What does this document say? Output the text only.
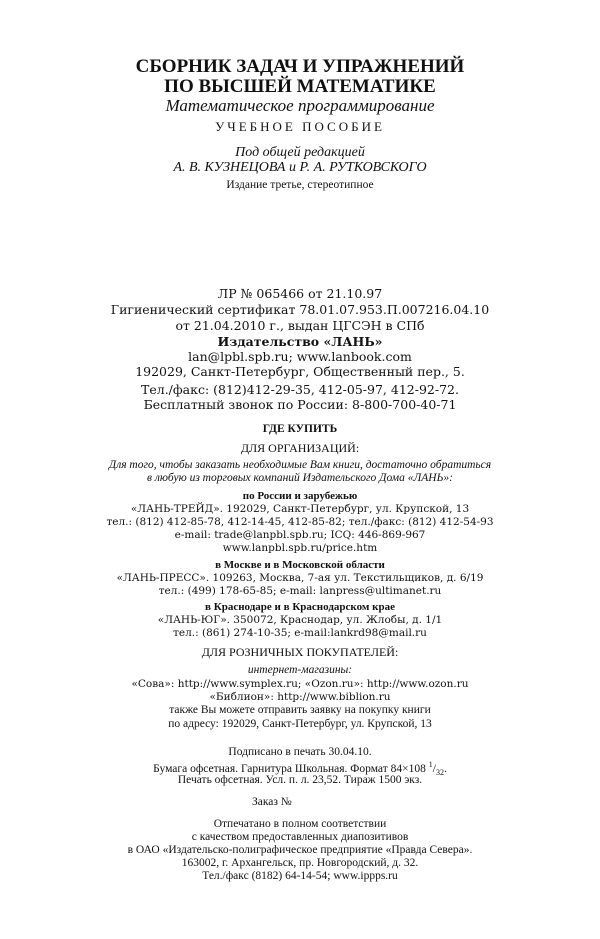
СБОРНИК ЗАДАЧ И УПРАЖНЕНИЙ
ПО ВЫСШЕЙ МАТЕМАТИКЕ
Математическое программирование
УЧЕБНОЕ ПОСОБИЕ
Под общей редакцией
А. В. КУЗНЕЦОВА и Р. А. РУТКОВСКОГО
Издание третье, стереотипное
ЛР № 065466 от 21.10.97
Гигиенический сертификат 78.01.07.953.П.007216.04.10
от 21.04.2010 г., выдан ЦГСЭН в СПб
Издательство «ЛАНЬ»
lan@lpbl.spb.ru; www.lanbook.com
192029, Санкт-Петербург, Общественный пер., 5.
Тел./факс: (812)412-29-35, 412-05-97, 412-92-72.
Бесплатный звонок по России: 8-800-700-40-71
ГДЕ КУПИТЬ
ДЛЯ ОРГАНИЗАЦИЙ:
Для того, чтобы заказать необходимые Вам книги, достаточно обратиться
в любую из торговых компаний Издательского Дома «ЛАНЬ»:
по России и зарубежью
«ЛАНЬ-ТРЕЙД». 192029, Санкт-Петербург, ул. Крупской, 13
тел.: (812) 412-85-78, 412-14-45, 412-85-82; тел./факс: (812) 412-54-93
e-mail: trade@lanpbl.spb.ru; ICQ: 446-869-967
www.lanpbl.spb.ru/price.htm
в Москве и в Московской области
«ЛАНЬ-ПРЕСС». 109263, Москва, 7-ая ул. Текстильщиков, д. 6/19
тел.: (499) 178-65-85; e-mail: lanpress@ultimanet.ru
в Краснодаре и в Краснодарском крае
«ЛАНЬ-ЮГ». 350072, Краснодар, ул. Жлобы, д. 1/1
тел.: (861) 274-10-35; e-mail:lankrd98@mail.ru
ДЛЯ РОЗНИЧНЫХ ПОКУПАТЕЛЕЙ:
интернет-магазины:
«Сова»: http://www.symplex.ru; «Ozon.ru»: http://www.ozon.ru
«Библион»: http://www.biblion.ru
также Вы можете отправить заявку на покупку книги
по адресу: 192029, Санкт-Петербург, ул. Крупской, 13
Подписано в печать 30.04.10.
Бумага офсетная. Гарнитура Школьная. Формат 84×108 $^1/_{32}$.
Печать офсетная. Усл. п. л. 23,52. Тираж 1500 экз.
Заказ №
Отпечатано в полном соответствии
с качеством предоставленных диапозитивов
в ОАО «Издательско-полиграфическое предприятие «Правда Севера».
163002, г. Архангельск, пр. Новгородский, д. 32.
Тел./факс (8182) 64-14-54; www.ippps.ru
